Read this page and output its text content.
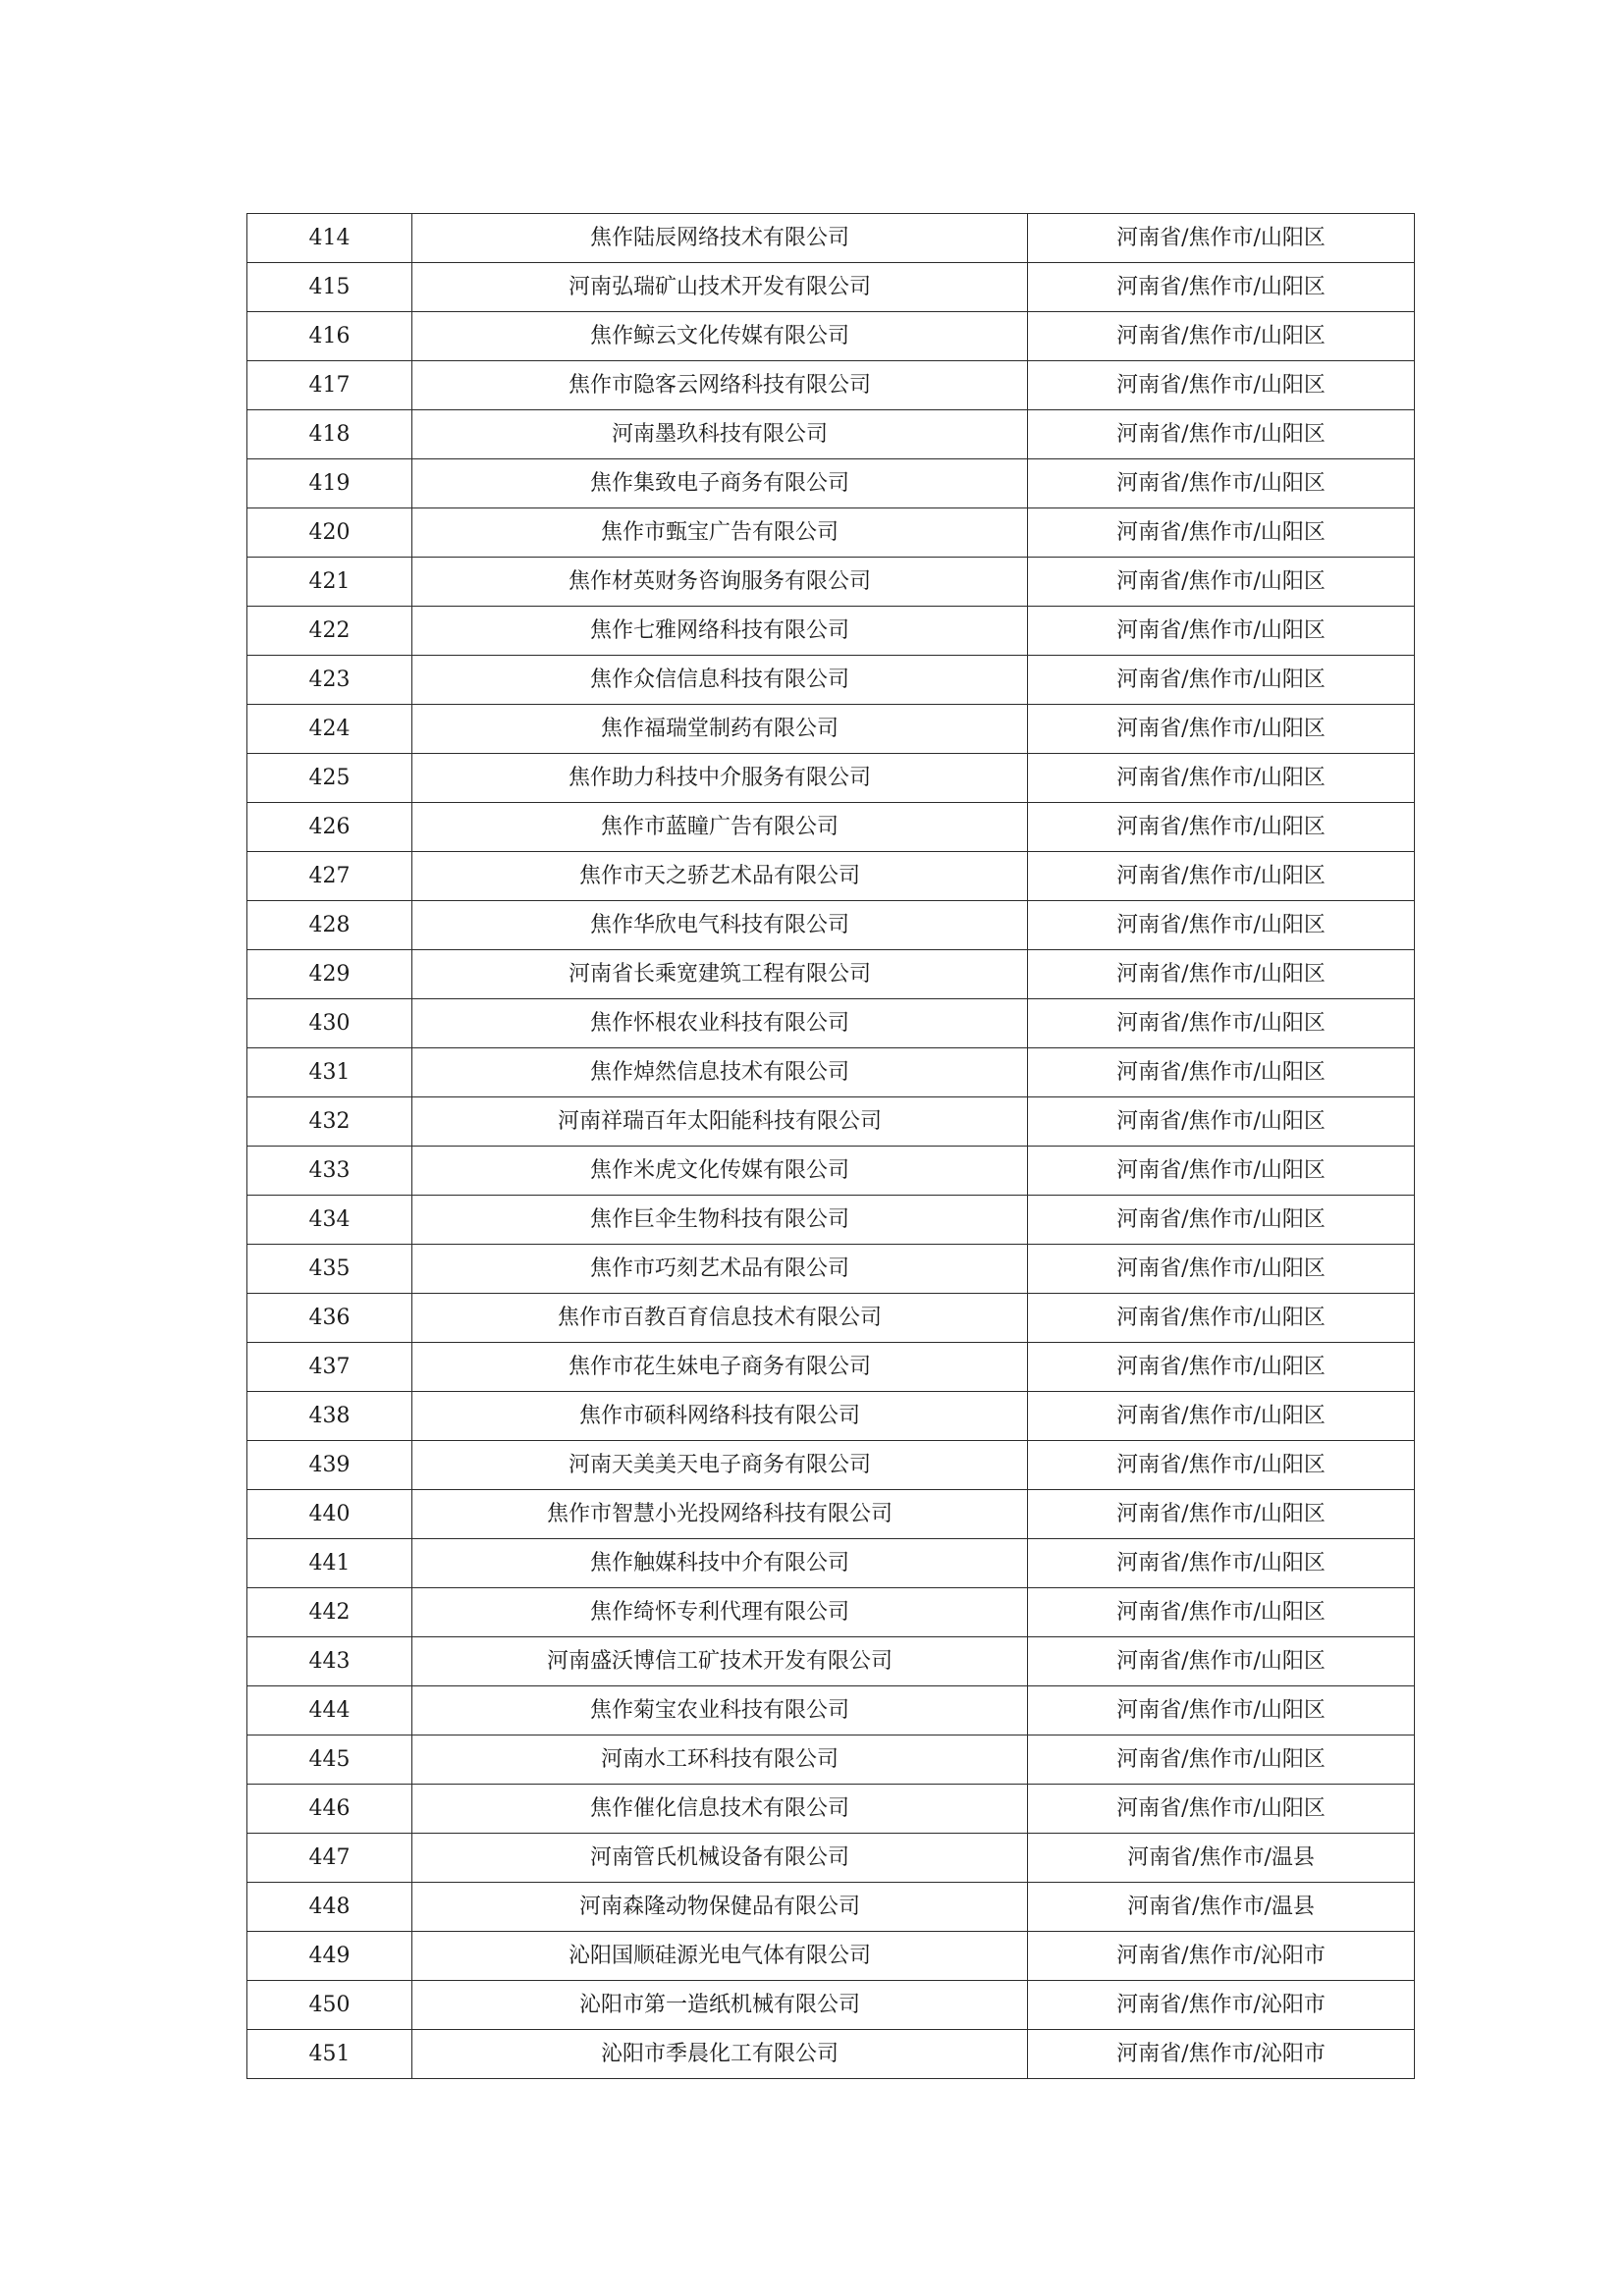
414	焦作陆辰网络技术有限公司	河南省/焦作市/山阳区
415	河南弘瑞矿山技术开发有限公司	河南省/焦作市/山阳区
416	焦作鲸云文化传媒有限公司	河南省/焦作市/山阳区
417	焦作市隐客云网络科技有限公司	河南省/焦作市/山阳区
418	河南墨玖科技有限公司	河南省/焦作市/山阳区
419	焦作集致电子商务有限公司	河南省/焦作市/山阳区
420	焦作市甄宝广告有限公司	河南省/焦作市/山阳区
421	焦作材英财务咨询服务有限公司	河南省/焦作市/山阳区
422	焦作七雅网络科技有限公司	河南省/焦作市/山阳区
423	焦作众信信息科技有限公司	河南省/焦作市/山阳区
424	焦作福瑞堂制药有限公司	河南省/焦作市/山阳区
425	焦作助力科技中介服务有限公司	河南省/焦作市/山阳区
426	焦作市蓝瞳广告有限公司	河南省/焦作市/山阳区
427	焦作市天之骄艺术品有限公司	河南省/焦作市/山阳区
428	焦作华欣电气科技有限公司	河南省/焦作市/山阳区
429	河南省长乘宽建筑工程有限公司	河南省/焦作市/山阳区
430	焦作怀根农业科技有限公司	河南省/焦作市/山阳区
431	焦作焯然信息技术有限公司	河南省/焦作市/山阳区
432	河南祥瑞百年太阳能科技有限公司	河南省/焦作市/山阳区
433	焦作米虎文化传媒有限公司	河南省/焦作市/山阳区
434	焦作巨伞生物科技有限公司	河南省/焦作市/山阳区
435	焦作市巧刻艺术品有限公司	河南省/焦作市/山阳区
436	焦作市百教百育信息技术有限公司	河南省/焦作市/山阳区
437	焦作市花生妹电子商务有限公司	河南省/焦作市/山阳区
438	焦作市硕科网络科技有限公司	河南省/焦作市/山阳区
439	河南天美美天电子商务有限公司	河南省/焦作市/山阳区
440	焦作市智慧小光投网络科技有限公司	河南省/焦作市/山阳区
441	焦作触媒科技中介有限公司	河南省/焦作市/山阳区
442	焦作绮怀专利代理有限公司	河南省/焦作市/山阳区
443	河南盛沃博信工矿技术开发有限公司	河南省/焦作市/山阳区
444	焦作菊宝农业科技有限公司	河南省/焦作市/山阳区
445	河南水工环科技有限公司	河南省/焦作市/山阳区
446	焦作催化信息技术有限公司	河南省/焦作市/山阳区
447	河南管氏机械设备有限公司	河南省/焦作市/温县
448	河南森隆动物保健品有限公司	河南省/焦作市/温县
449	沁阳国顺硅源光电气体有限公司	河南省/焦作市/沁阳市
450	沁阳市第一造纸机械有限公司	河南省/焦作市/沁阳市
451	沁阳市季晨化工有限公司	河南省/焦作市/沁阳市
